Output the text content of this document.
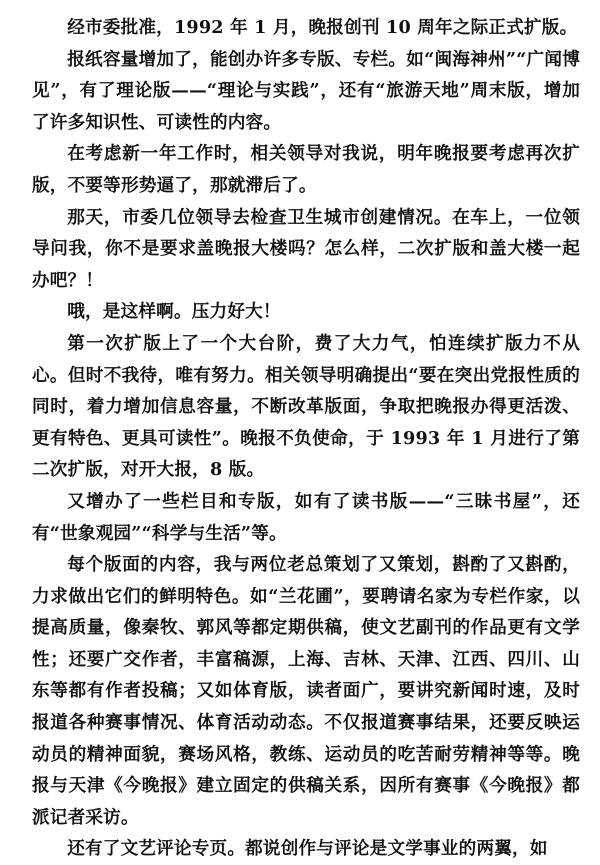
经市委批准，1992 年 1 月，晚报创刊 10 周年之际正式扩版。

报纸容量增加了，能创办许多专版、专栏。如“闽海神州”“广闻博见”，有了理论版——“理论与实践”，还有“旅游天地”周末版，增加了许多知识性、可读性的内容。

在考虑新一年工作时，相关领导对我说，明年晚报要考虑再次扩版，不要等形势逼了，那就滞后了。

那天，市委几位领导去检查卫生城市创建情况。在车上，一位领导问我，你不是要求盖晚报大楼吗？怎么样，二次扩版和盖大楼一起办吧？！

哦，是这样啊。压力好大！

第一次扩版上了一个大台阶，费了大力气，怕连续扩版力不从心。但时不我待，唯有努力。相关领导明确提出“要在突出党报性质的同时，着力增加信息容量，不断改革版面，争取把晚报办得更活泼、更有特色、更具可读性”。晚报不负使命，于 1993 年 1 月进行了第二次扩版，对开大报，8 版。

又增办了一些栏目和专版，如有了读书版——“三昧书屋”，还有“世象观园”“科学与生活”等。

每个版面的内容，我与两位老总策划了又策划，斟酌了又斟酌，力求做出它们的鲜明特色。如“兰花圃”，要聘请名家为专栏作家，以提高质量，像秦牧、郭风等都定期供稿，使文艺副刊的作品更有文学性；还要广交作者，丰富稿源，上海、吉林、天津、江西、四川、山东等都有作者投稿；又如体育版，读者面广，要讲究新闻时速，及时报道各种赛事情况、体育活动动态。不仅报道赛事结果，还要反映运动员的精神面貌，赛场风格，教练、运动员的吃苦耐劳精神等等。晚报与天津《今晚报》建立固定的供稿关系，因所有赛事《今晚报》都派记者采访。

还有了文艺评论专页。都说创作与评论是文学事业的两翼，如
